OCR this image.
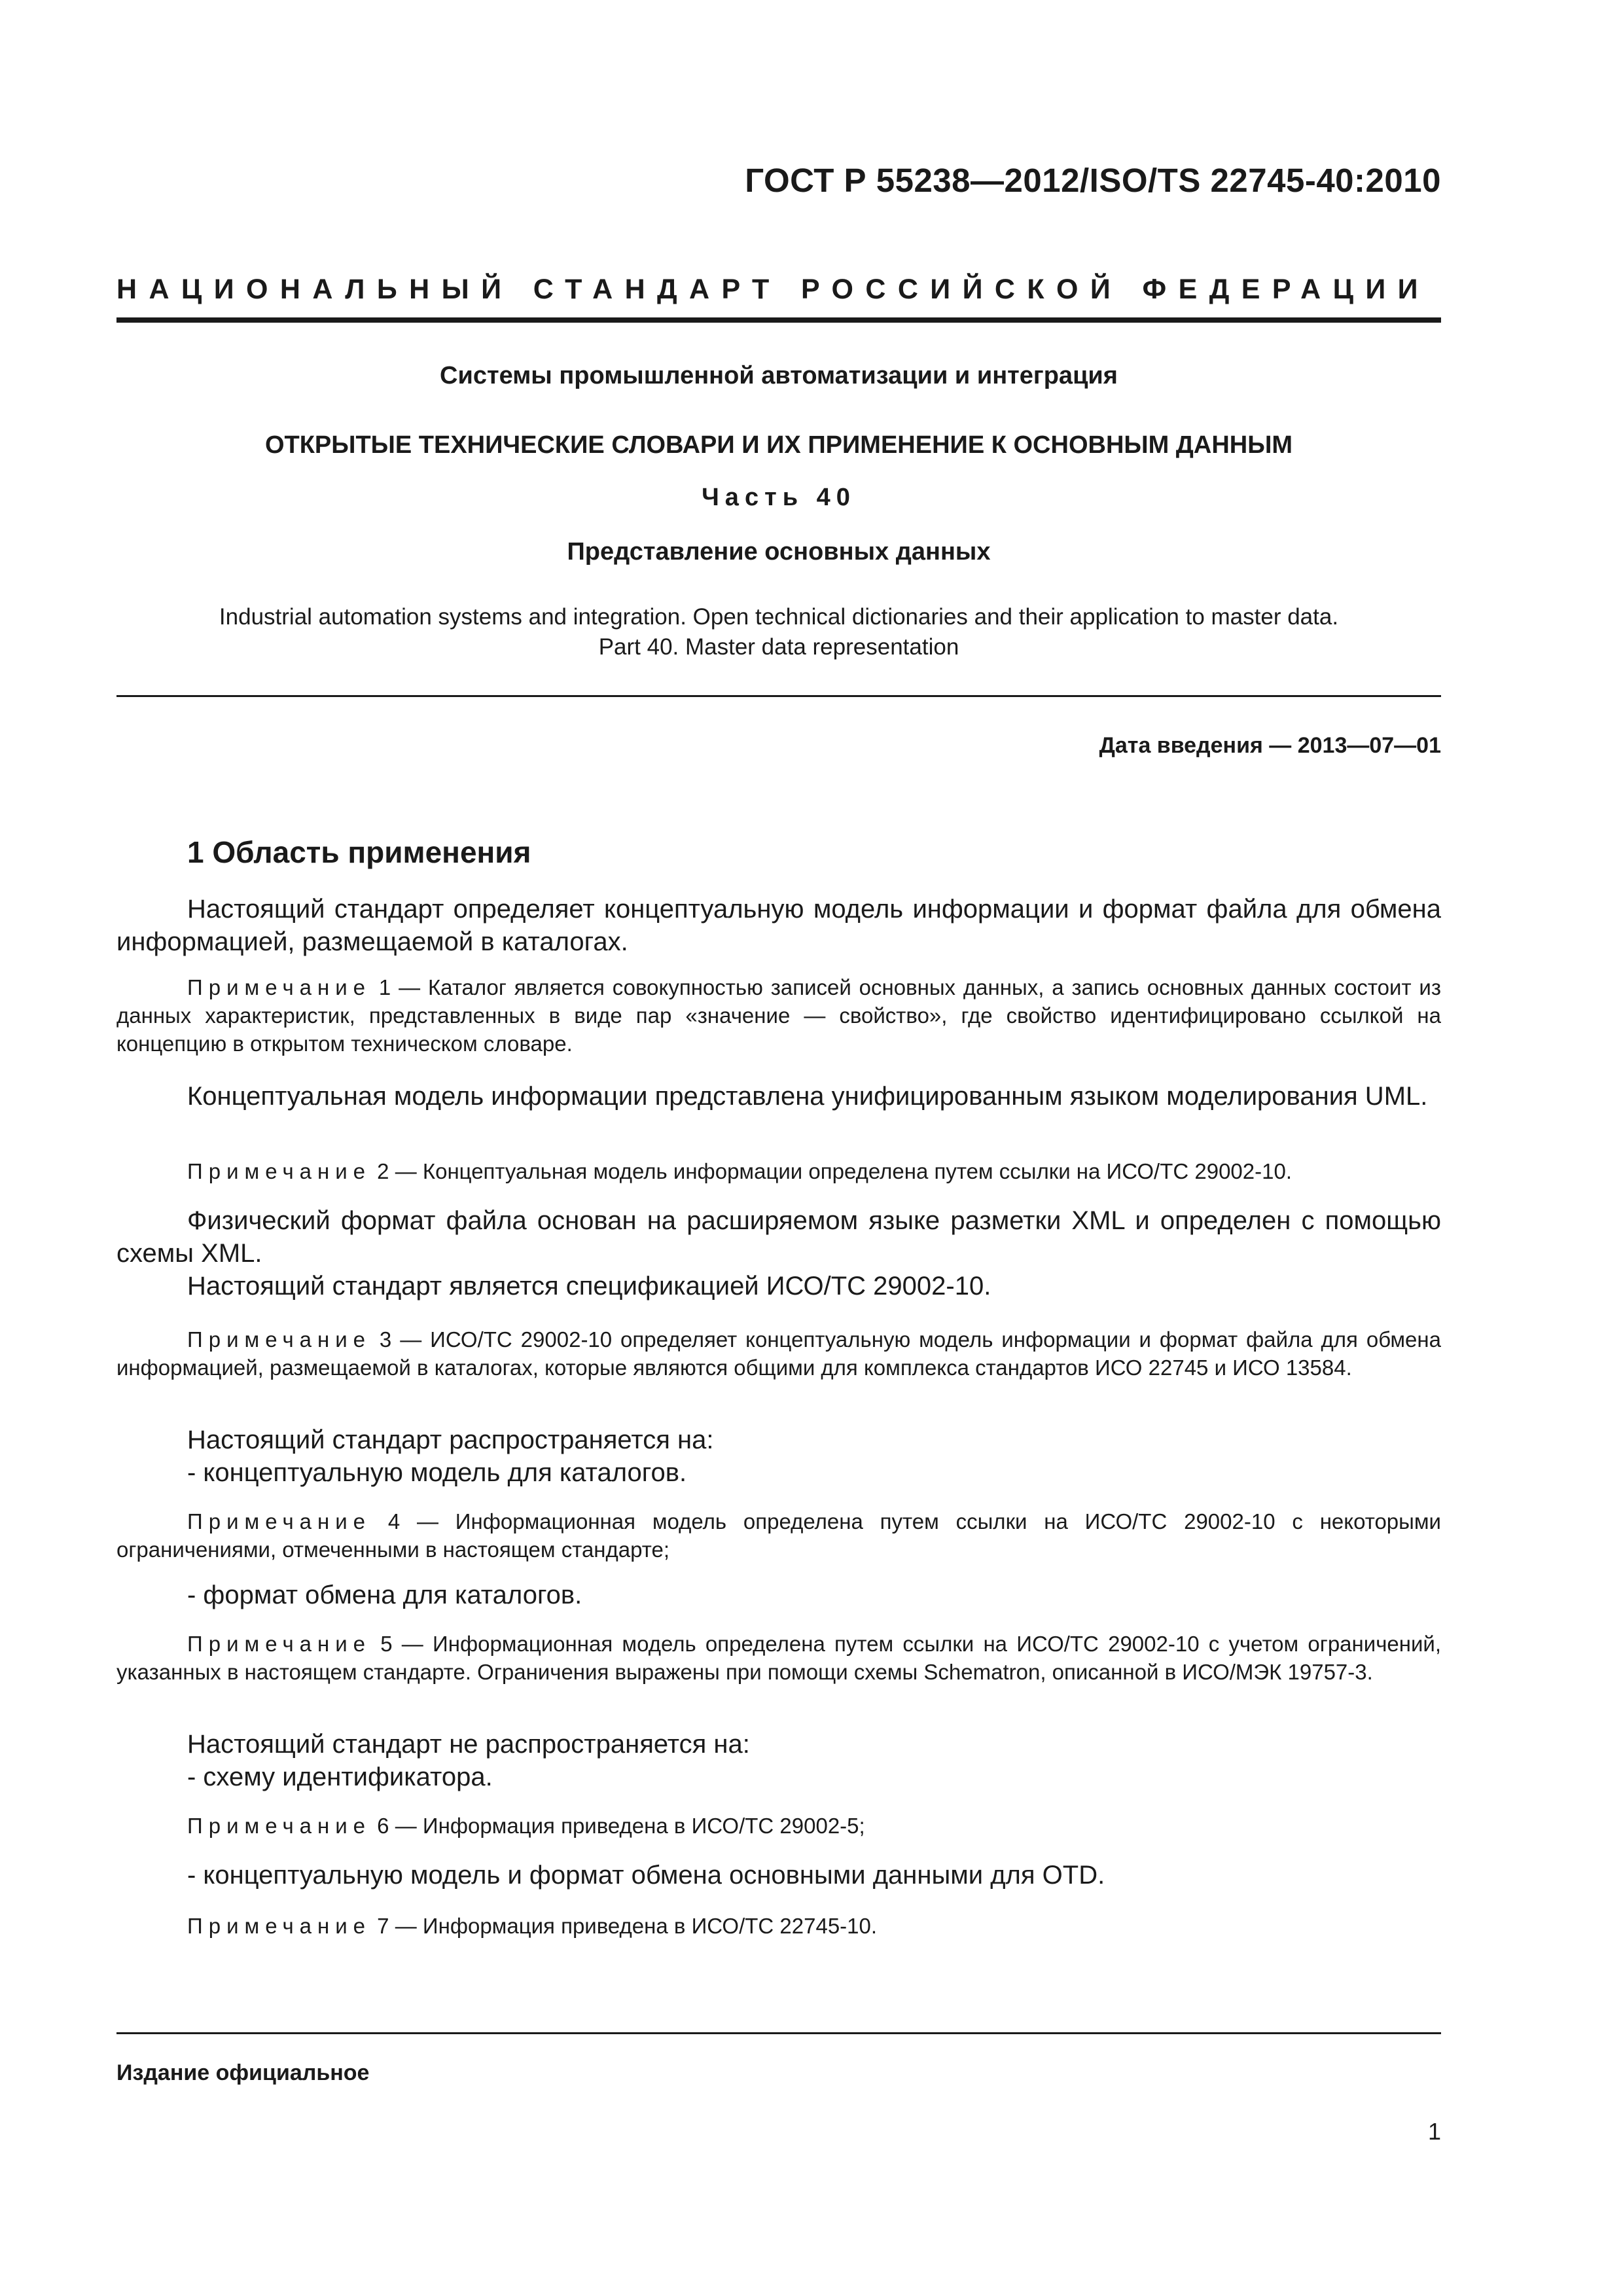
ГОСТ Р 55238—2012/ISO/TS 22745-40:2010
НАЦИОНАЛЬНЫЙ СТАНДАРТ РОССИЙСКОЙ ФЕДЕРАЦИИ
Системы промышленной автоматизации и интеграция
ОТКРЫТЫЕ ТЕХНИЧЕСКИЕ СЛОВАРИ И ИХ ПРИМЕНЕНИЕ К ОСНОВНЫМ ДАННЫМ
Часть 40
Представление основных данных
Industrial automation systems and integration. Open technical dictionaries and their application to master data.
Part 40. Master data representation
Дата введения — 2013—07—01
1 Область применения

Настоящий стандарт определяет концептуальную модель информации и формат файла для обмена информацией, размещаемой в каталогах.

Примечание 1 — Каталог является совокупностью записей основных данных, а запись основных данных состоит из данных характеристик, представленных в виде пар «значение — свойство», где свойство идентифицировано ссылкой на концепцию в открытом техническом словаре.

Концептуальная модель информации представлена унифицированным языком моделирования UML.

Примечание 2 — Концептуальная модель информации определена путем ссылки на ИСО/ТС 29002-10.

Физический формат файла основан на расширяемом языке разметки XML и определен с помощью схемы XML.

Настоящий стандарт является спецификацией ИСО/ТС 29002-10.

Примечание 3 — ИСО/ТС 29002-10 определяет концептуальную модель информации и формат файла для обмена информацией, размещаемой в каталогах, которые являются общими для комплекса стандартов ИСО 22745 и ИСО 13584.

Настоящий стандарт распространяется на:

- концептуальную модель для каталогов.

Примечание 4 — Информационная модель определена путем ссылки на ИСО/ТС 29002-10 с некоторыми ограничениями, отмеченными в настоящем стандарте;

- формат обмена для каталогов.

Примечание 5 — Информационная модель определена путем ссылки на ИСО/ТС 29002-10 с учетом ограничений, указанных в настоящем стандарте. Ограничения выражены при помощи схемы Schematron, описанной в ИСО/МЭК 19757-3.

Настоящий стандарт не распространяется на:

- схему идентификатора.

Примечание 6 — Информация приведена в ИСО/ТС 29002-5;

- концептуальную модель и формат обмена основными данными для OTD.

Примечание 7 — Информация приведена в ИСО/ТС 22745-10.

Издание официальное
1
